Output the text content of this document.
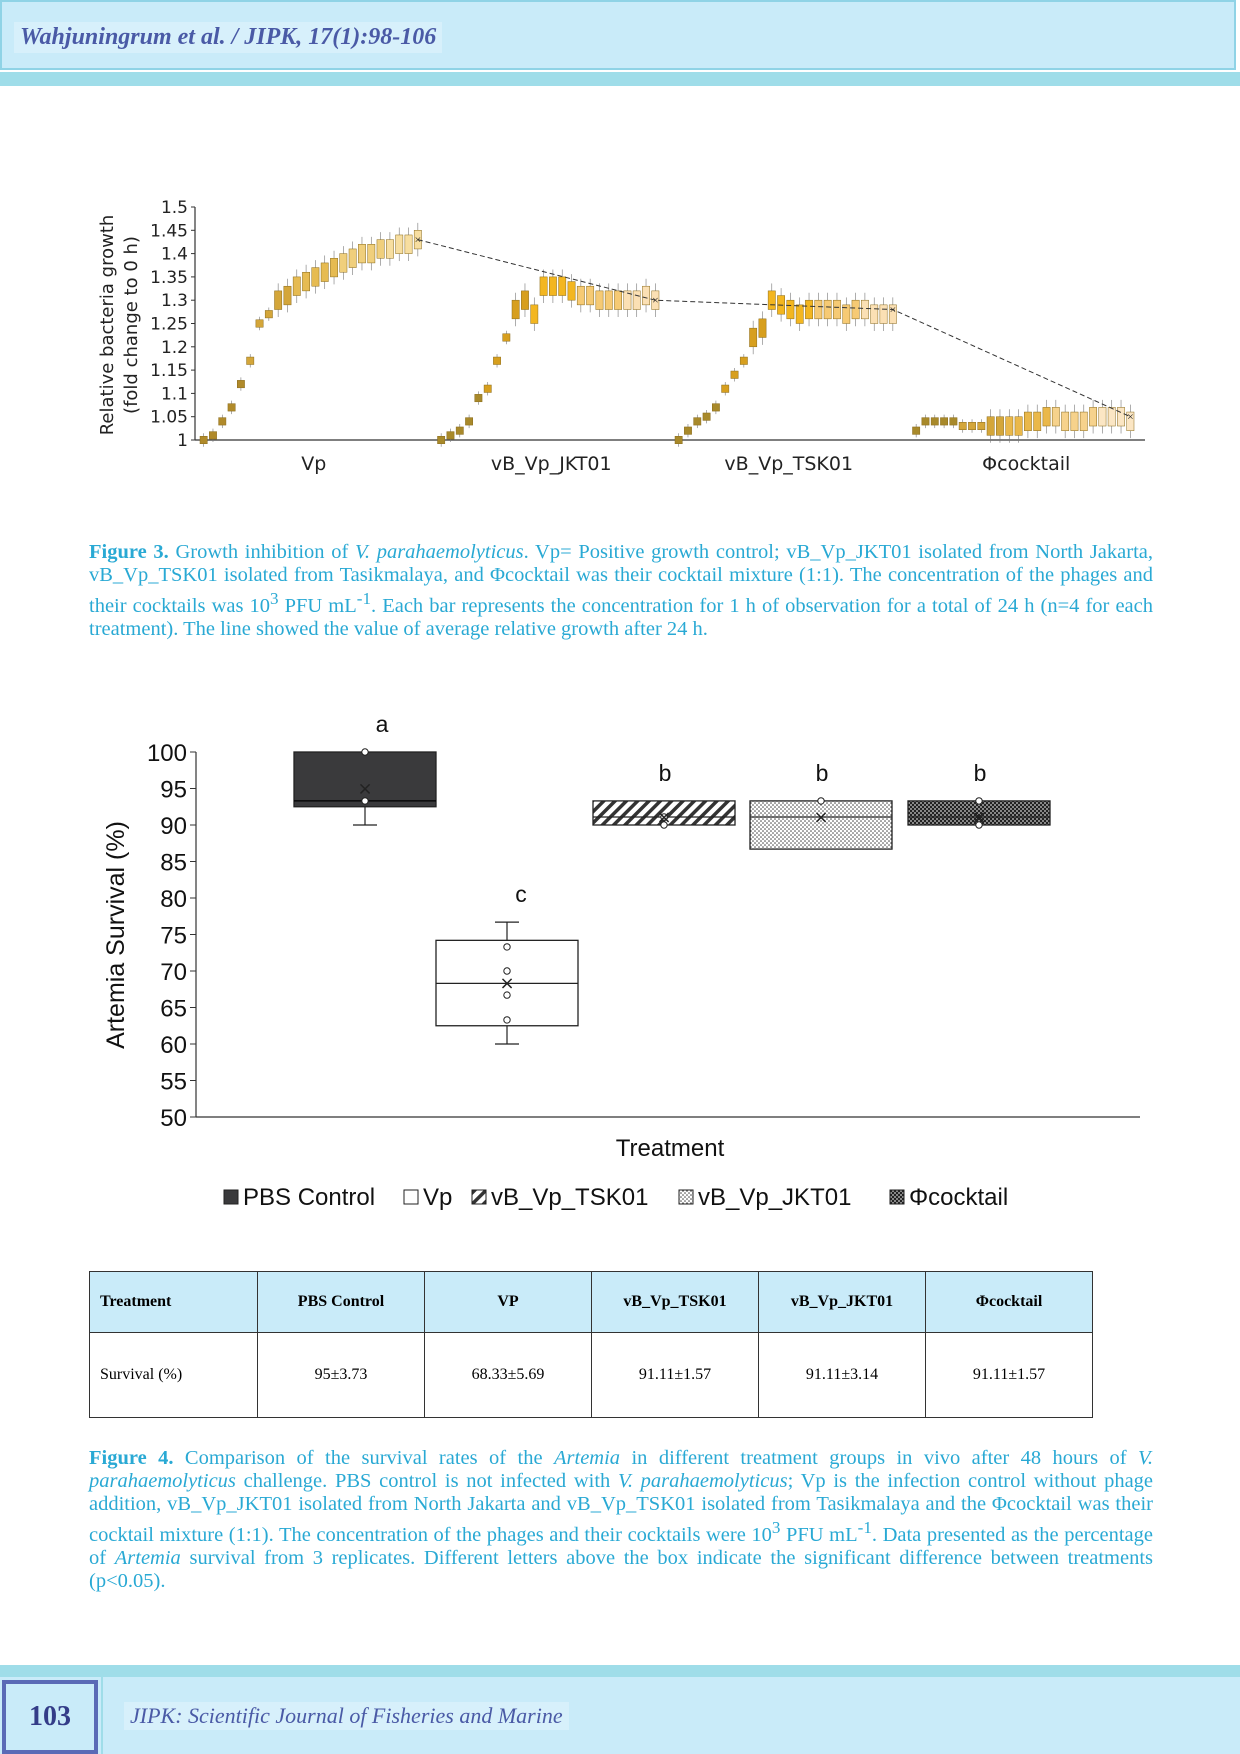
Wahjuningrum et al. / JIPK, 17(1):98-106
1
1.05
1.1
1.15
1.2
1.25
1.3
1.35
1.4
1.45
1.5
×
×
×
×
Relative bacteria growth (fold change to 0 h)
Vp	vB_Vp_JKT01	vB_Vp_TSK01	Φcocktail
Figure 3. Growth inhibition of V. parahaemolyticus. Vp= Positive growth control; vB_Vp_JKT01 isolated from North Jakarta, vB_Vp_TSK01 isolated from Tasikmalaya, and Φcocktail was their cocktail mixture (1:1). The concentration of the phages and their cocktails was $10^3$ PFU $mL^{-1}$. Each bar represents the concentration for 1 h of observation for a total of 24 h (n=4 for each treatment). The line showed the value of average relative growth after 24 h.
50
55
60
65
70
75
80
85
90
95
100
Artemia Survival (%)
Treatment
×
a
×
c
×
b
×
b
×
b
PBS Control Vp vB_Vp_TSK01 vB_Vp_JKT01 Φcocktail
Treatment	PBS Control	VP	vB_Vp_TSK01	vB_Vp_JKT01	Φcocktail
Survival (%)	95±3.73	68.33±5.69	91.11±1.57	91.11±3.14	91.11±1.57
Figure 4. Comparison of the survival rates of the Artemia in different treatment groups in vivo after 48 hours of V. parahaemolyticus challenge. PBS control is not infected with V. parahaemolyticus; Vp is the infection control without phage addition, vB_Vp_JKT01 isolated from North Jakarta and vB_Vp_TSK01 isolated from Tasikmalaya and the Φcocktail was their cocktail mixture (1:1). The concentration of the phages and their cocktails were $10^3$ PFU $mL^{-1}$. Data presented as the percentage of Artemia survival from 3 replicates. Different letters above the box indicate the significant difference between treatments (p<0.05).
103	JIPK: Scientific Journal of Fisheries and Marine
